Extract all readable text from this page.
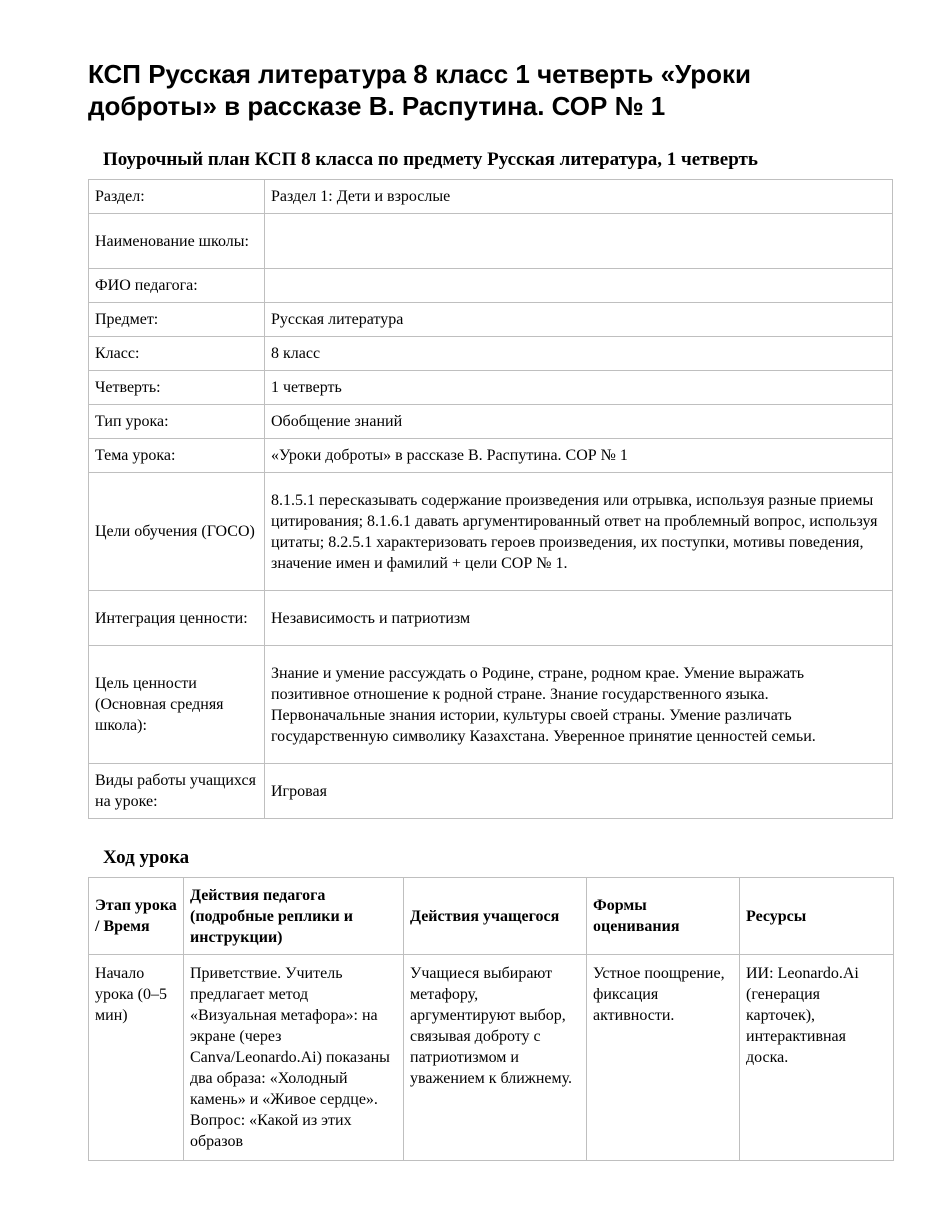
КСП Русская литература 8 класс 1 четверть «Уроки доброты» в рассказе В. Распутина. СОР № 1
Поурочный план КСП 8 класса по предмету Русская литература, 1 четверть
Раздел:	Раздел 1: Дети и взрослые
Наименование школы:	
ФИО педагога:	
Предмет:	Русская литература
Класс:	8 класс
Четверть:	1 четверть
Тип урока:	Обобщение знаний
Тема урока:	«Уроки доброты» в рассказе В. Распутина. СОР № 1
Цели обучения (ГОСО)	8.1.5.1 пересказывать содержание произведения или отрывка, используя разные приемы цитирования; 8.1.6.1 давать аргументированный ответ на проблемный вопрос, используя цитаты; 8.2.5.1 характеризовать героев произведения, их поступки, мотивы поведения, значение имен и фамилий + цели СОР № 1.
Интеграция ценности:	Независимость и патриотизм
Цель ценности (Основная средняя школа):	Знание и умение рассуждать о Родине, стране, родном крае. Умение выражать позитивное отношение к родной стране. Знание государственного языка. Первоначальные знания истории, культуры своей страны. Умение различать государственную символику Казахстана. Уверенное принятие ценностей семьи.
Виды работы учащихся на уроке:	Игровая
Ход урока
Этап урока / Время	Действия педагога (подробные реплики и инструкции)	Действия учащегося	Формы оценивания	Ресурсы
Начало урока (0–5 мин)	Приветствие. Учитель предлагает метод «Визуальная метафора»: на экране (через Canva/Leonardo.Ai) показаны два образа: «Холодный камень» и «Живое сердце». Вопрос: «Какой из этих образов	Учащиеся выбирают метафору, аргументируют выбор, связывая доброту с патриотизмом и уважением к ближнему.	Устное поощрение, фиксация активности.	ИИ: Leonardo.Ai (генерация карточек), интерактивная доска.
